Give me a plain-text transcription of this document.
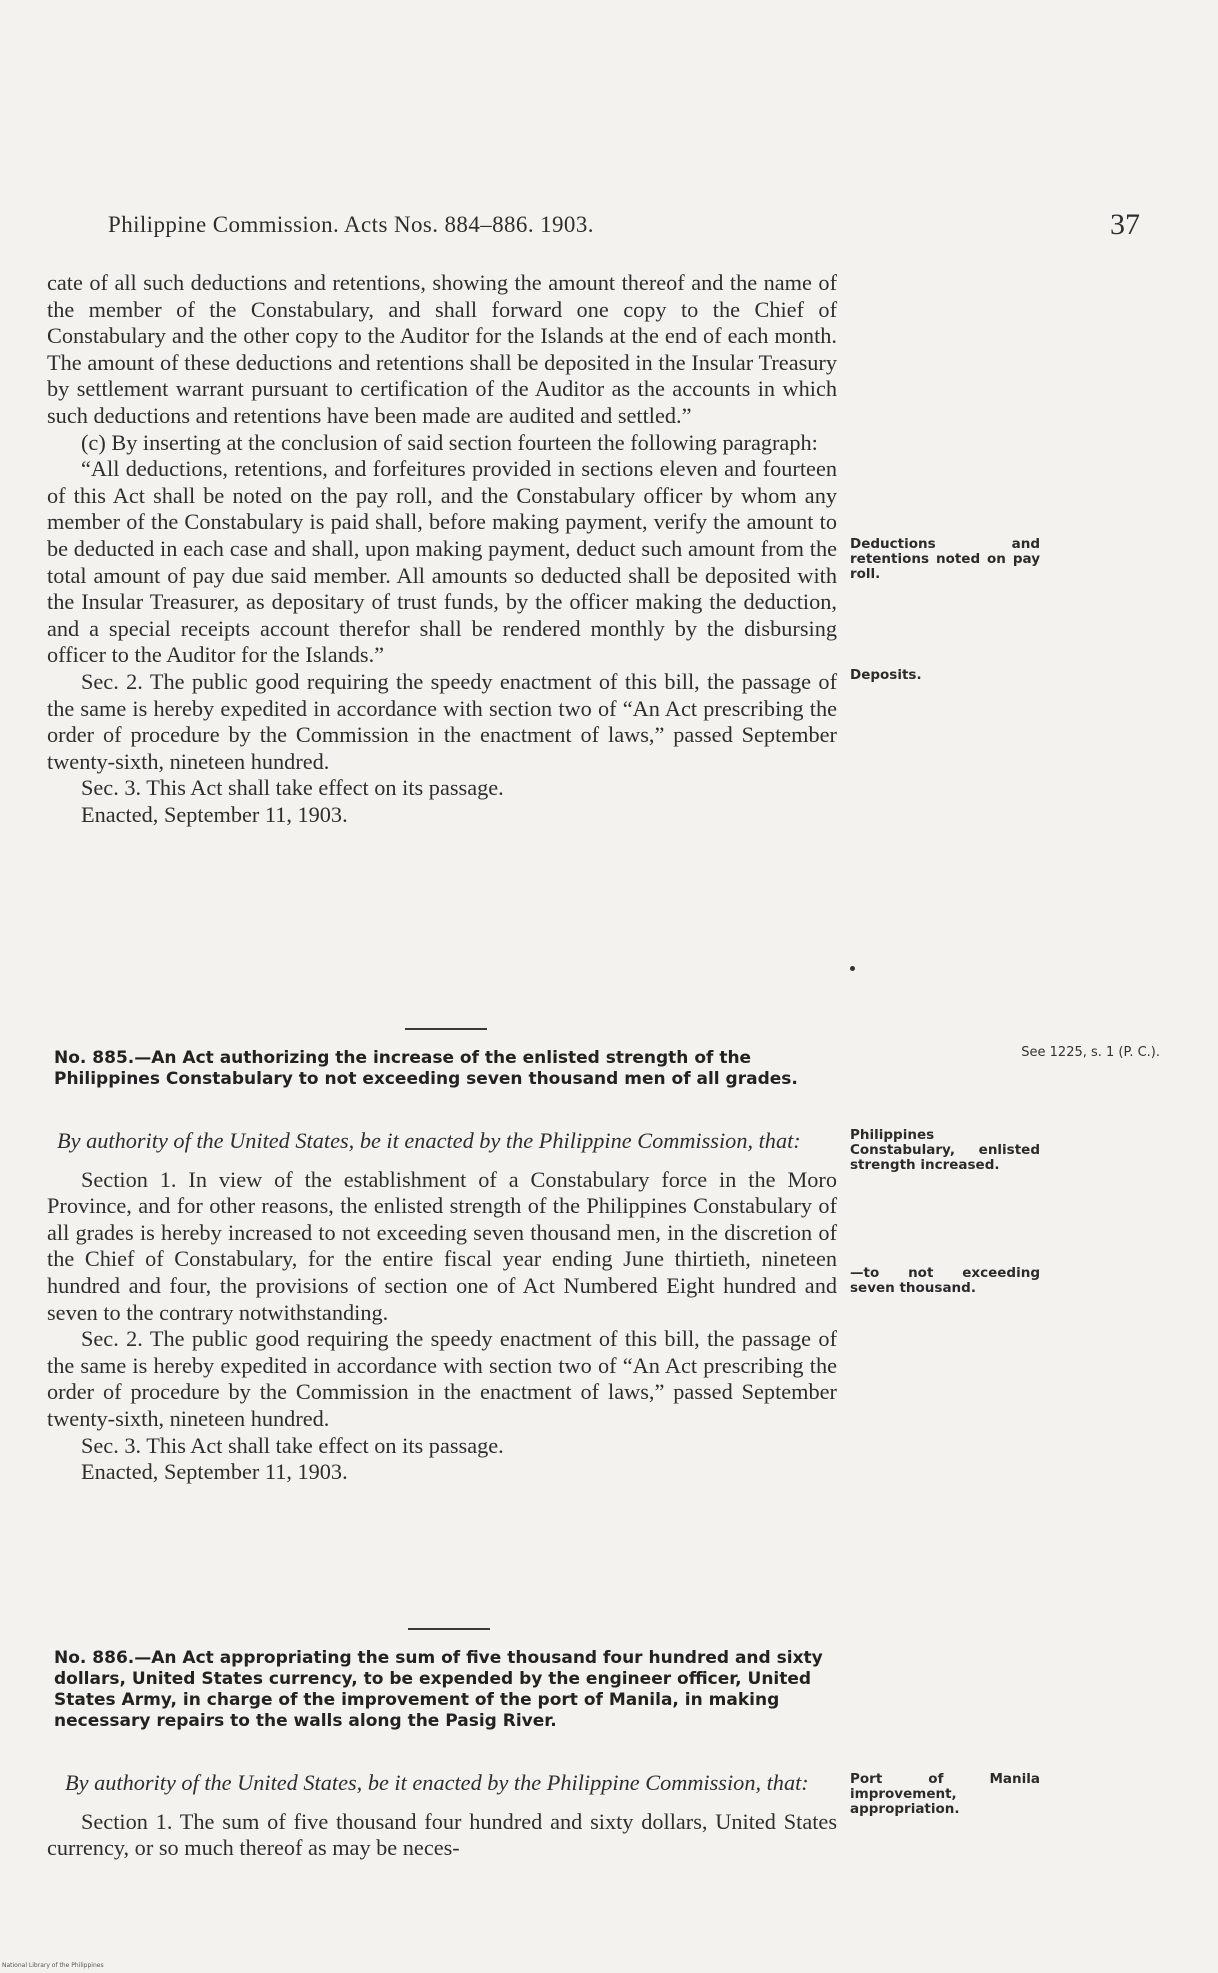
Philippine Commission. Acts Nos. 884–886. 1903.	37

cate of all such deductions and retentions, showing the amount thereof and the name of the member of the Constabulary, and shall forward one copy to the Chief of Constabulary and the other copy to the Auditor for the Islands at the end of each month. The amount of these deductions and retentions shall be deposited in the Insular Treasury by settlement warrant pursuant to certification of the Auditor as the accounts in which such deductions and retentions have been made are audited and settled.”

(c) By inserting at the conclusion of said section fourteen the following paragraph:

“All deductions, retentions, and forfeitures provided in sections eleven and fourteen of this Act shall be noted on the pay roll, and the Constabulary officer by whom any member of the Constabulary is paid shall, before making payment, verify the amount to be deducted in each case and shall, upon making payment, deduct such amount from the total amount of pay due said member. All amounts so deducted shall be deposited with the Insular Treasurer, as depositary of trust funds, by the officer making the deduction, and a special receipts account therefor shall be rendered monthly by the disbursing officer to the Auditor for the Islands.”

Sec. 2. The public good requiring the speedy enactment of this bill, the passage of the same is hereby expedited in accordance with section two of “An Act prescribing the order of procedure by the Commission in the enactment of laws,” passed September twenty-sixth, nineteen hundred.

Sec. 3. This Act shall take effect on its passage.

Enacted, September 11, 1903.

Deductions and retentions noted on pay roll.
Deposits.
No. 885.—An Act authorizing the increase of the enlisted strength of the Philippines Constabulary to not exceeding seven thousand men of all grades.
See 1225, s. 1 (P. C.).

By authority of the United States, be it enacted by the Philippine Commission, that:

Section 1. In view of the establishment of a Constabulary force in the Moro Province, and for other reasons, the enlisted strength of the Philippines Constabulary of all grades is hereby increased to not exceeding seven thousand men, in the discretion of the Chief of Constabulary, for the entire fiscal year ending June thirtieth, nineteen hundred and four, the provisions of section one of Act Numbered Eight hundred and seven to the contrary notwithstanding.

Sec. 2. The public good requiring the speedy enactment of this bill, the passage of the same is hereby expedited in accordance with section two of “An Act prescribing the order of procedure by the Commission in the enactment of laws,” passed September twenty-sixth, nineteen hundred.

Sec. 3. This Act shall take effect on its passage.

Enacted, September 11, 1903.

Philippines Constabulary, enlisted strength increased.
—to not exceeding seven thousand.
No. 886.—An Act appropriating the sum of five thousand four hundred and sixty dollars, United States currency, to be expended by the engineer officer, United States Army, in charge of the improvement of the port of Manila, in making necessary repairs to the walls along the Pasig River.

By authority of the United States, be it enacted by the Philippine Commission, that:

Section 1. The sum of five thousand four hundred and sixty dollars, United States currency, or so much thereof as may be neces-

Port of Manila improvement, appropriation.
National Library of the Philippines
